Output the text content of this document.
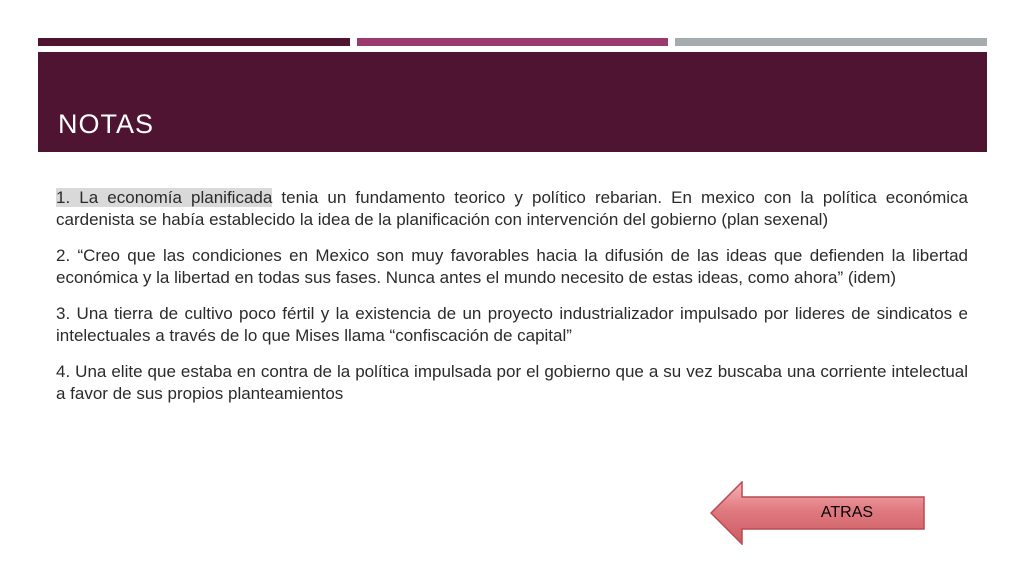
NOTAS

1. La economía planificada tenia un fundamento teorico y político rebarian. En mexico con la política económica cardenista se había establecido la idea de la planificación con intervención del gobierno (plan sexenal)

2. “Creo que las condiciones en Mexico son muy favorables hacia la difusión de las ideas que defienden la libertad económica y la libertad en todas sus fases. Nunca antes el mundo necesito de estas ideas, como ahora” (idem)

3. Una tierra de cultivo poco fértil y la existencia de un proyecto industrializador impulsado por lideres de sindicatos e intelectuales a través de lo que Mises llama “confiscación de capital”

4. Una elite que estaba en contra de la política impulsada por el gobierno que a su vez buscaba una corriente intelectual a favor de sus propios planteamientos

ATRAS
